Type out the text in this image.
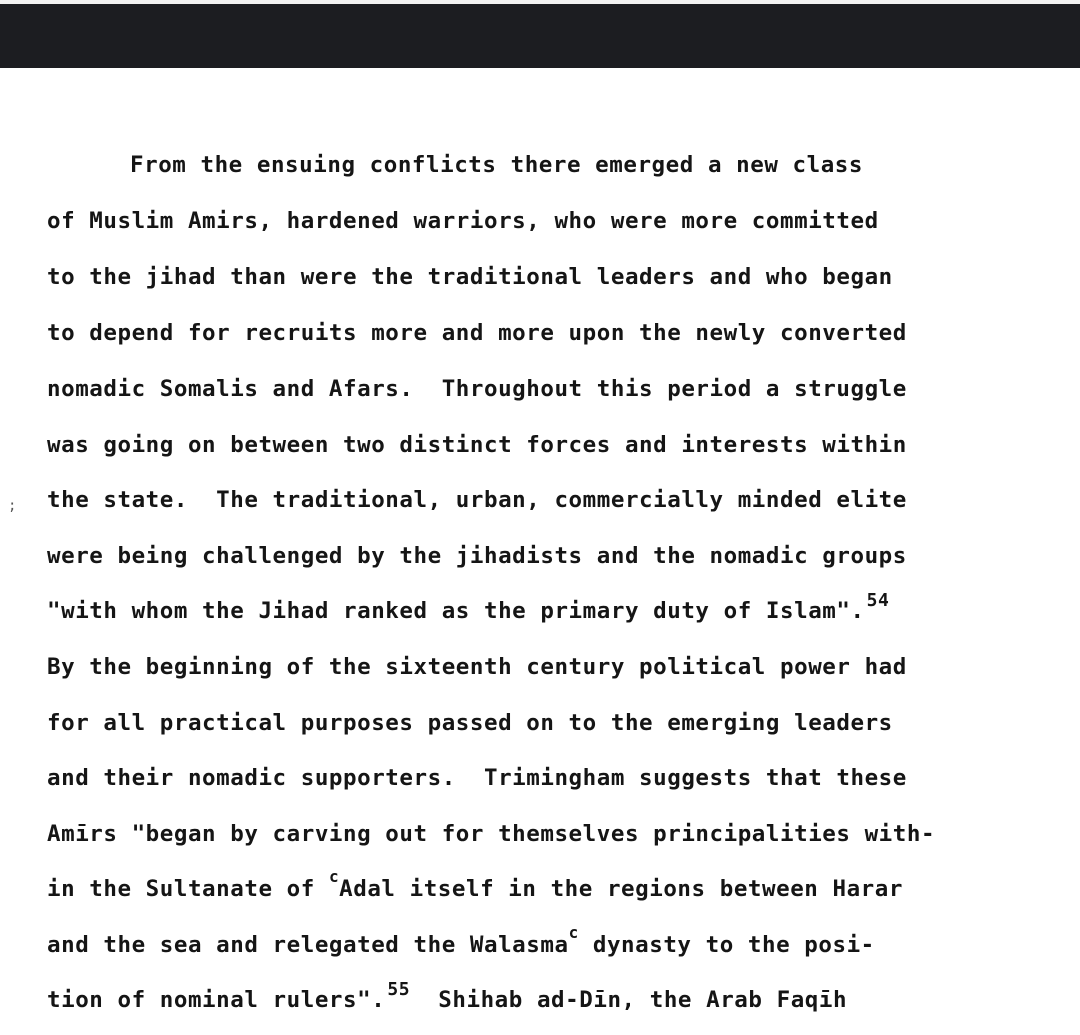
From the ensuing conflicts there emerged a new class
of Muslim Amirs, hardened warriors, who were more committed
to the jihad than were the traditional leaders and who began
to depend for recruits more and more upon the newly converted
nomadic Somalis and Afars.  Throughout this period a struggle
was going on between two distinct forces and interests within
the state.  The traditional, urban, commercially minded elite
were being challenged by the jihadists and the nomadic groups
"with whom the Jihad ranked as the primary duty of Islam". $^{54}$
By the beginning of the sixteenth century political power had
for all practical purposes passed on to the emerging leaders
and their nomadic supporters.  Trimingham suggests that these
Amīrs "began by carving out for themselves principalities with-
in the Sultanate of $^c$Adal itself in the regions between Harar
and the sea and relegated the Walasma$^c$ dynasty to the posi-
tion of nominal rulers". $^{55}$  Shihab ad-Dīn, the Arab Faqīh
;
